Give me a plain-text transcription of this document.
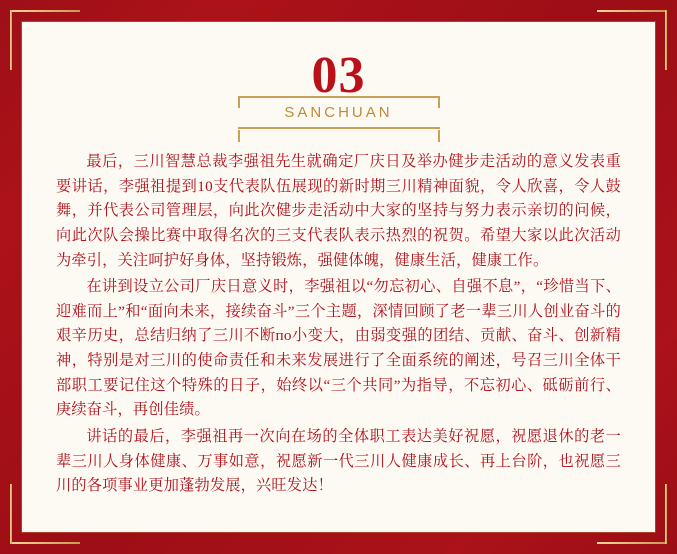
03
SANCHUAN

最后，三川智慧总裁李强祖先生就确定厂庆日及举办健步走活动的意义发表重要讲话，李强祖提到10支代表队伍展现的新时期三川精神面貌，令人欣喜，令人鼓舞，并代表公司管理层，向此次健步走活动中大家的坚持与努力表示亲切的问候，向此次队会操比赛中取得名次的三支代表队表示热烈的祝贺。希望大家以此次活动为牵引，关注呵护好身体，坚持锻炼，强健体魄，健康生活，健康工作。

在讲到设立公司厂庆日意义时，李强祖以“勿忘初心、自强不息”，“珍惜当下、迎难而上”和“面向未来，接续奋斗”三个主题，深情回顾了老一辈三川人创业奋斗的艰辛历史，总结归纳了三川不断по小变大，由弱变强的团结、贡献、奋斗、创新精神，特别是对三川的使命责任和未来发展进行了全面系统的阐述，号召三川全体干部职工要记住这个特殊的日子，始终以“三个共同”为指导，不忘初心、砥砺前行、庚续奋斗，再创佳绩。

讲话的最后，李强祖再一次向在场的全体职工表达美好祝愿，祝愿退休的老一辈三川人身体健康、万事如意，祝愿新一代三川人健康成长、再上台阶，也祝愿三川的各项事业更加蓬勃发展，兴旺发达！
